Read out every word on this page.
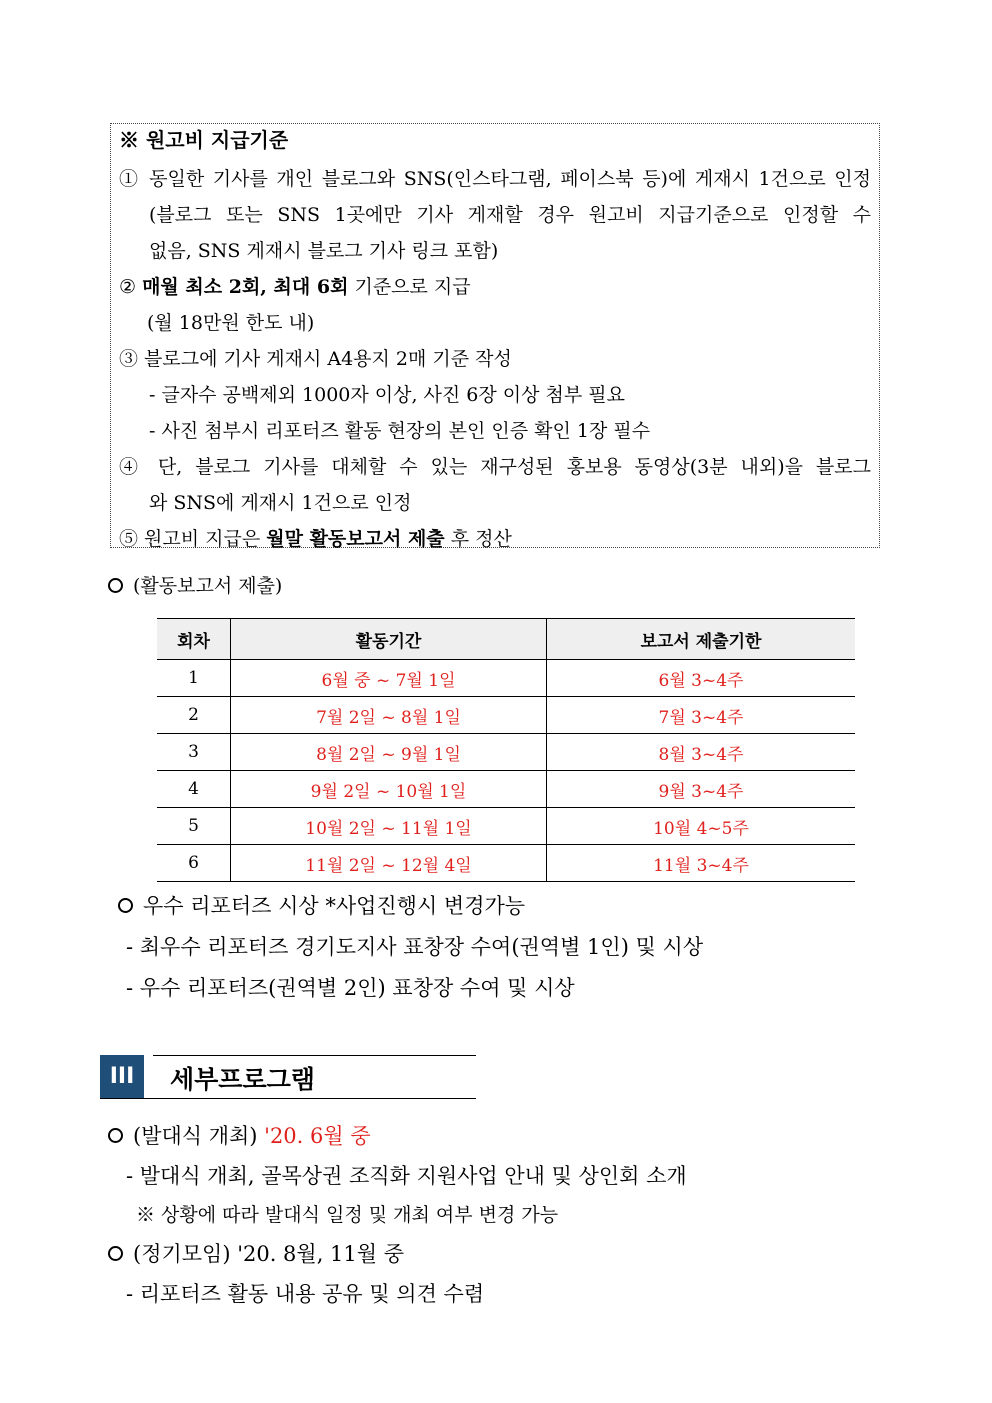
※ 원고비 지급기준
① 동일한 기사를 개인 블로그와 SNS(인스타그램, 페이스북 등)에 게재시 1건으로 인정
(블로그 또는 SNS 1곳에만 기사 게재할 경우 원고비 지급기준으로 인정할 수
없음, SNS 게재시 블로그 기사 링크 포함)
② 매월 최소 2회, 최대 6회 기준으로 지급
(월 18만원 한도 내)
③ 블로그에 기사 게재시 A4용지 2매 기준 작성
- 글자수 공백제외 1000자 이상, 사진 6장 이상 첨부 필요
- 사진 첨부시 리포터즈 활동 현장의 본인 인증 확인 1장 필수
④ 단, 블로그 기사를 대체할 수 있는 재구성된 홍보용 동영상(3분 내외)을 블로그
와 SNS에 게재시 1건으로 인정
⑤ 원고비 지급은 월말 활동보고서 제출 후 정산
(활동보고서 제출)
회차	활동기간	보고서 제출기한
1	6월 중 ~ 7월 1일	6월 3~4주
2	7월 2일 ~ 8월 1일	7월 3~4주
3	8월 2일 ~ 9월 1일	8월 3~4주
4	9월 2일 ~ 10월 1일	9월 3~4주
5	10월 2일 ~ 11월 1일	10월 4~5주
6	11월 2일 ~ 12월 4일	11월 3~4주
우수 리포터즈 시상 *사업진행시 변경가능
- 최우수 리포터즈 경기도지사 표창장 수여(권역별 1인) 및 시상
- 우수 리포터즈(권역별 2인) 표창장 수여 및 시상
III	세부프로그램
(발대식 개최) '20. 6월 중
- 발대식 개최, 골목상권 조직화 지원사업 안내 및 상인회 소개
※ 상황에 따라 발대식 일정 및 개최 여부 변경 가능
(정기모임) '20. 8월, 11월 중
- 리포터즈 활동 내용 공유 및 의견 수렴
